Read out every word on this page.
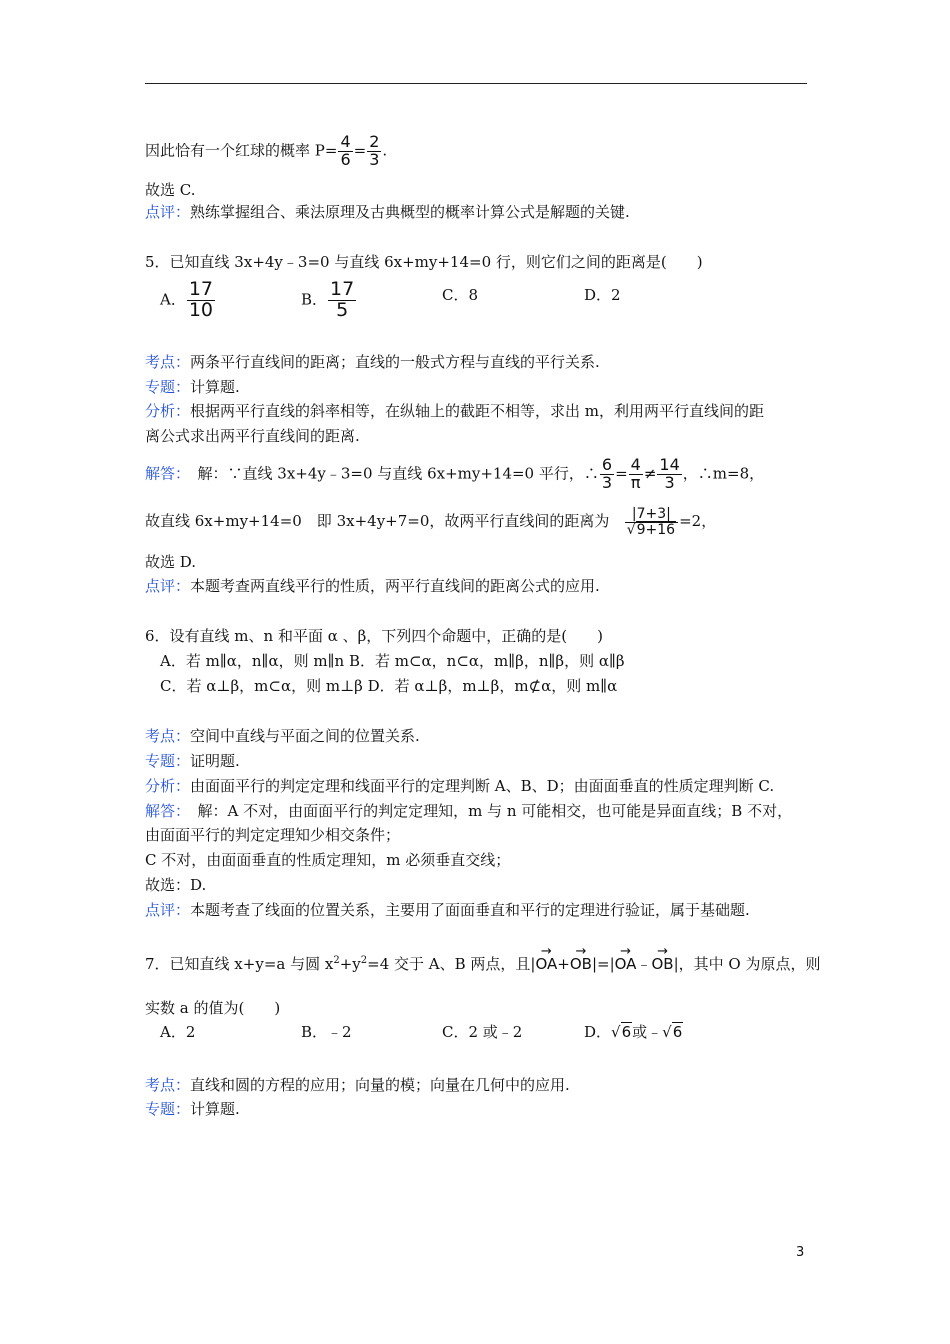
因此恰有一个红球的概率 $P= \frac{4}{6} = \frac{2}{3}$ .
故选 C.
点评：熟练掌握组合、乘法原理及古典概型的概率计算公式是解题的关键.
5．已知直线 3x+4y﹣3=0 与直线 6x+my+14=0 行，则它们之间的距离是(　　)
A． $\frac{17}{10}$	B． $\frac{17}{5}$	C．8	D．2
考点：两条平行直线间的距离；直线的一般式方程与直线的平行关系.
专题：计算题.
分析：根据两平行直线的斜率相等，在纵轴上的截距不相等，求出 m，利用两平行直线间的距
离公式求出两平行直线间的距离.
解答：　解：∵直线 3x+4y﹣3=0 与直线 6x+my+14=0 平行，∴ $\frac{6}{3} = \frac{4}{\pi} \ne \frac{14}{3}$ ，∴m=8，
故直线 6x+my+14=0　即 3x+4y+7=0，故两平行直线间的距离为 $\frac{|7+3|}{√9+16} =2$，
故选 D.
点评：本题考查两直线平行的性质，两平行直线间的距离公式的应用.
6．设有直线 m、n 和平面 α 、β，下列四个命题中，正确的是(　　)
A．若 m∥α，n∥α，则 m∥n B．若 m⊂α，n⊂α，m∥β，n∥β，则 α∥β
C．若 α⊥β，m⊂α，则 m⊥β D．若 α⊥β，m⊥β，m⊄α，则 m∥α
考点：空间中直线与平面之间的位置关系.
专题：证明题.
分析：由面面平行的判定定理和线面平行的定理判断 A、B、D；由面面垂直的性质定理判断 C.
解答：　解：A 不对，由面面平行的判定定理知，m 与 n 可能相交，也可能是异面直线；B 不对，
由面面平行的判定定理知少相交条件；
C 不对，由面面垂直的性质定理知，m 必须垂直交线；
故选：D.
点评：本题考查了线面的位置关系，主要用了面面垂直和平行的定理进行验证，属于基础题.
7．已知直线 x+y=a 与圆 $x^2+y^2=4$ 交于 A、B 两点，且|→ OA+→ OB|=|→ OA﹣→ OB|，其中 O 为原点，则
实数 a 的值为(　　)
A．2	B．﹣2	C．2 或﹣2	D．√6或﹣√6
考点：直线和圆的方程的应用；向量的模；向量在几何中的应用.
专题：计算题.
3
